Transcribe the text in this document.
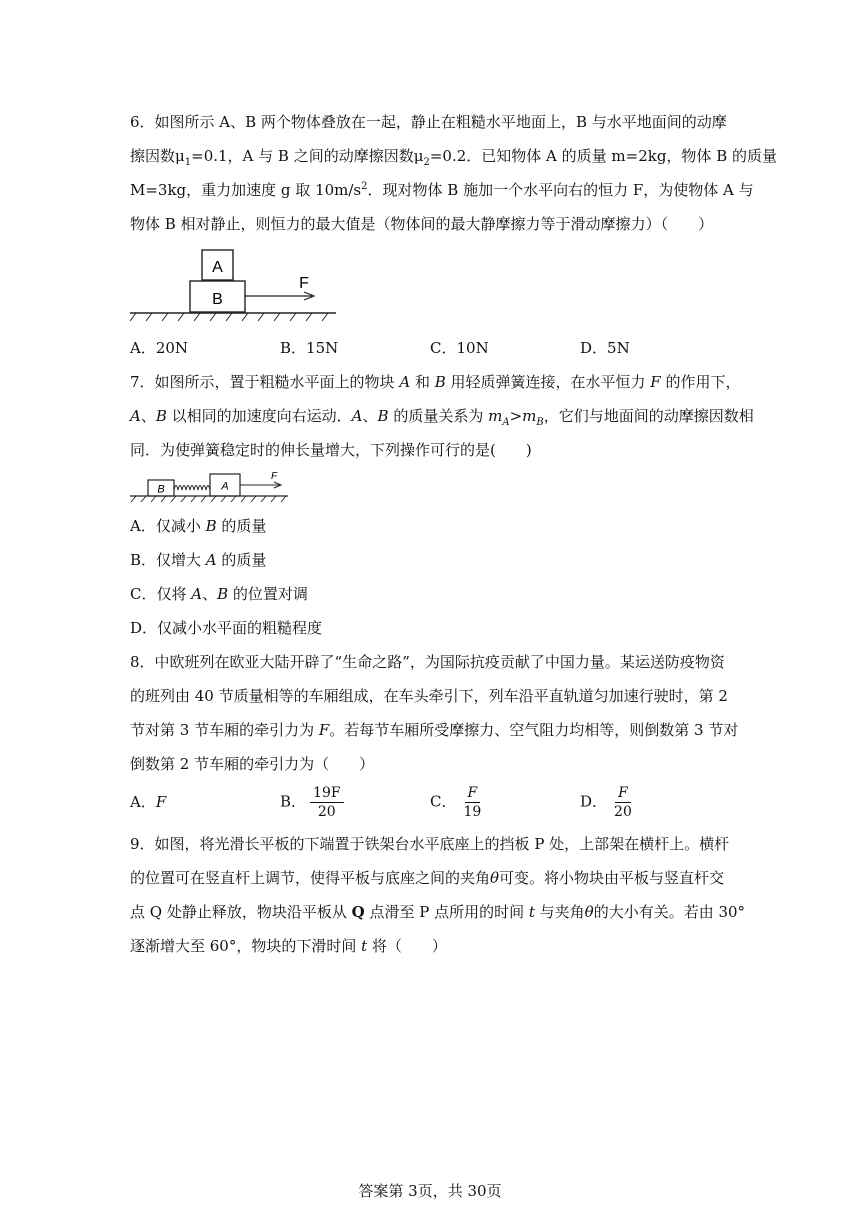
6．如图所示 A、B 两个物体叠放在一起，静止在粗糙水平地面上，B 与水平地面间的动摩
擦因数$\mu_1=0.1$，A 与 B 之间的动摩擦因数$\mu_2=0.2$．已知物体 A 的质量 m=2kg，物体 B 的质量
M=3kg，重力加速度 g 取 $10m/s^2$．现对物体 B 施加一个水平向右的恒力 F，为使物体 A 与
物体 B 相对静止，则恒力的最大值是（物体间的最大静摩擦力等于滑动摩擦力）（　　）
A
B
F
A．20N	B．15N	C．10N	D．5N
7．如图所示，置于粗糙水平面上的物块 A 和 B 用轻质弹簧连接，在水平恒力 F 的作用下，
A、B 以相同的加速度向右运动．A、B 的质量关系为 $m_A>m_B$，它们与地面间的动摩擦因数相
同．为使弹簧稳定时的伸长量增大，下列操作可行的是(　　)
B	A
F
A．仅减小 B 的质量
B．仅增大 A 的质量
C．仅将 A、B 的位置对调
D．仅减小水平面的粗糙程度
8．中欧班列在欧亚大陆开辟了“生命之路”，为国际抗疫贡献了中国力量。某运送防疫物资
的班列由 40 节质量相等的车厢组成，在车头牵引下，列车沿平直轨道匀加速行驶时，第 2
节对第 3 节车厢的牵引力为 F。若每节车厢所受摩擦力、空气阻力均相等，则倒数第 3 节对
倒数第 2 节车厢的牵引力为（　　）
A．F	B． $\frac{19F}{20}$	C． $\frac{F}{19}$	D． $\frac{F}{20}$
9．如图，将光滑长平板的下端置于铁架台水平底座上的挡板 P 处，上部架在横杆上。横杆
的位置可在竖直杆上调节，使得平板与底座之间的夹角θ可变。将小物块由平板与竖直杆交
点 Q 处静止释放，物块沿平板从 Q 点滑至 P 点所用的时间 t 与夹角θ的大小有关。若由 30°
逐渐增大至 60°，物块的下滑时间 t 将（　　）
答案第 3页，共 30页
